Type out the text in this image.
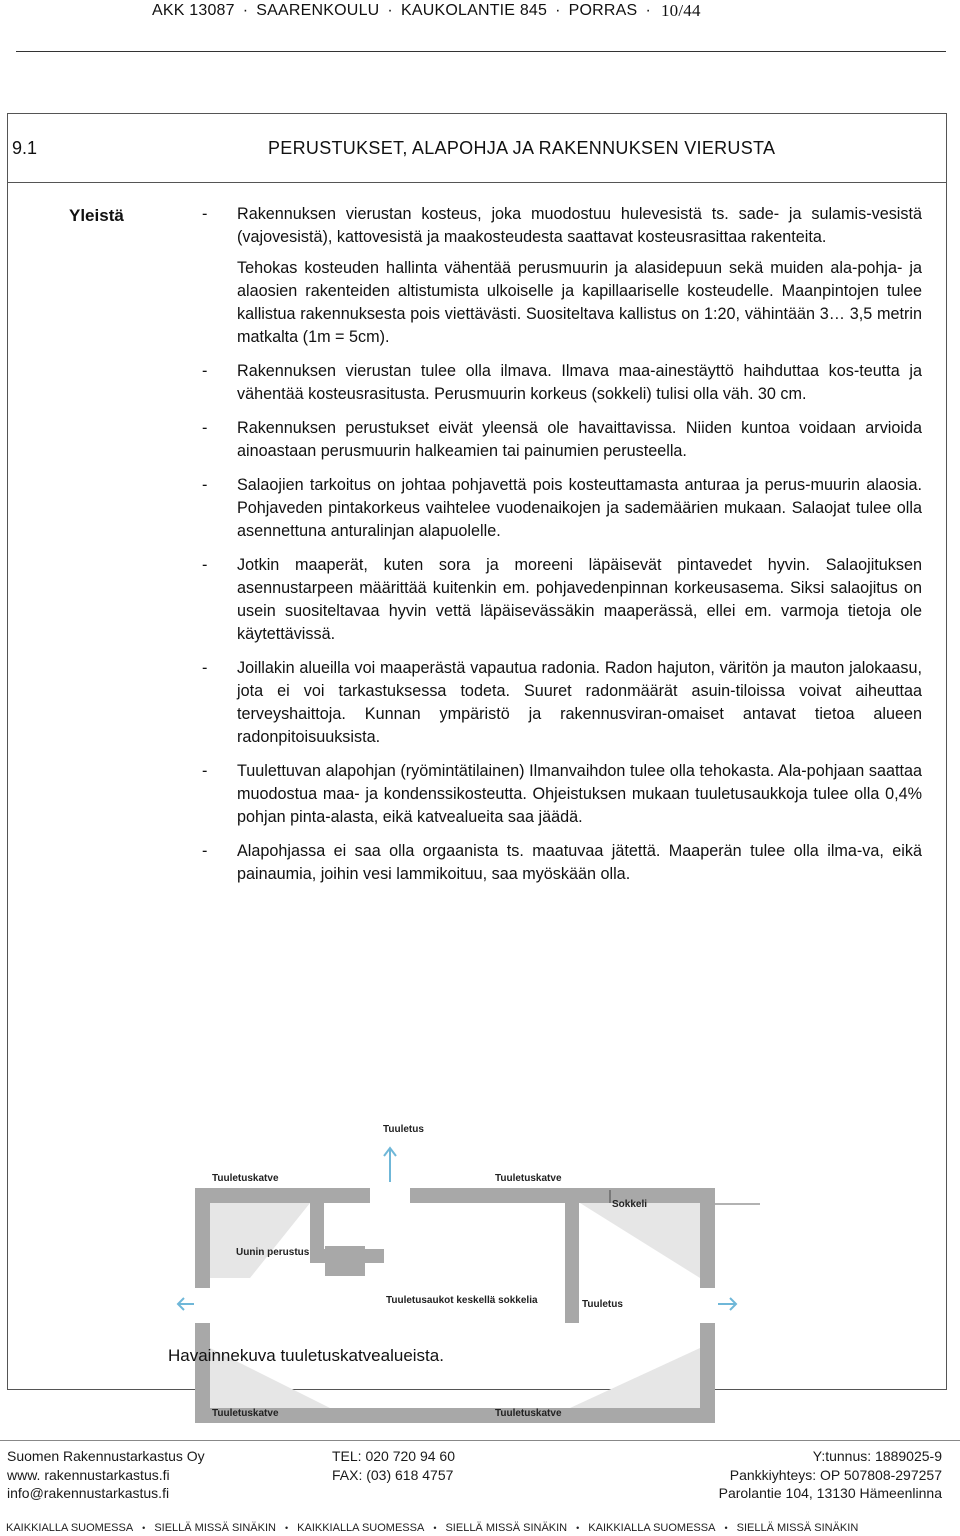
AKK 13087 · SAARENKOULU · KAUKOLANTIE 845 · PORRAS · 10/44
9.1	PERUSTUKSET, ALAPOHJA JA RAKENNUKSEN VIERUSTA
Yleistä	- Rakennuksen vierustan kosteus, joka muodostuu hulevesistä ts. sade- ja sulamis-vesistä (vajovesistä), kattovesistä ja maakosteudesta saattavat kosteusrasittaa rakenteita.
Tehokas kosteuden hallinta vähentää perusmuurin ja alasidepuun sekä muiden ala-pohja- ja alaosien rakenteiden altistumista ulkoiselle ja kapillaariselle kosteudelle. Maanpintojen tulee kallistua rakennuksesta pois viettävästi. Suositeltava kallistus on 1:20, vähintään 3… 3,5 metrin matkalta (1m = 5cm).
- Rakennuksen vierustan tulee olla ilmava. Ilmava maa-ainestäyttö haihduttaa kos-teutta ja vähentää kosteusrasitusta. Perusmuurin korkeus (sokkeli) tulisi olla väh. 30 cm.
- Rakennuksen perustukset eivät yleensä ole havaittavissa. Niiden kuntoa voidaan arvioida ainoastaan perusmuurin halkeamien tai painumien perusteella.
- Salaojien tarkoitus on johtaa pohjavettä pois kosteuttamasta anturaa ja perus-muurin alaosia. Pohjaveden pintakorkeus vaihtelee vuodenaikojen ja sademäärien mukaan. Salaojat tulee olla asennettuna anturalinjan alapuolelle.
- Jotkin maaperät, kuten sora ja moreeni läpäisevät pintavedet hyvin. Salaojituksen asennustarpeen määrittää kuitenkin em. pohjavedenpinnan korkeusasema. Siksi salaojitus on usein suositeltavaa hyvin vettä läpäisevässäkin maaperässä, ellei em. varmoja tietoja ole käytettävissä.
- Joillakin alueilla voi maaperästä vapautua radonia. Radon hajuton, väritön ja mauton jalokaasu, jota ei voi tarkastuksessa todeta. Suuret radonmäärät asuin-tiloissa voivat aiheuttaa terveyshaittoja. Kunnan ympäristö ja rakennusviran-omaiset antavat tietoa alueen radonpitoisuuksista.
- Tuulettuvan alapohjan (ryömintätilainen) Ilmanvaihdon tulee olla tehokasta. Ala-pohjaan saattaa muodostua maa- ja kondenssikosteutta. Ohjeistuksen mukaan tuuletusaukkoja tulee olla 0,4% pohjan pinta-alasta, eikä katvealueita saa jäädä.
- Alapohjassa ei saa olla orgaanista ts. maatuvaa jätettä. Maaperän tulee olla ilma-va, eikä painaumia, joihin vesi lammikoituu, saa myöskään olla.
Tuuletus
Tuuletuskatve	Tuuletuskatve
Sokkeli
Uunin perustus
Tuuletusaukot keskellä sokkelia	Tuuletus
Tuuletuskatve	Tuuletuskatve
Havainnekuva tuuletuskatvealueista.
Suomen Rakennustarkastus Oy
www. rakennustarkastus.fi
info@rakennustarkastus.fi
TEL: 020 720 94 60
FAX: (03) 618 4757
Y:tunnus: 1889025-9
Pankkiyhteys: OP 507808-297257
Parolantie 104, 13130 Hämeenlinna
KAIKKIALLA SUOMESSA • SIELLÄ MISSÄ SINÄKIN • KAIKKIALLA SUOMESSA • SIELLÄ MISSÄ SINÄKIN • KAIKKIALLA SUOMESSA • SIELLÄ MISSÄ SINÄKIN
